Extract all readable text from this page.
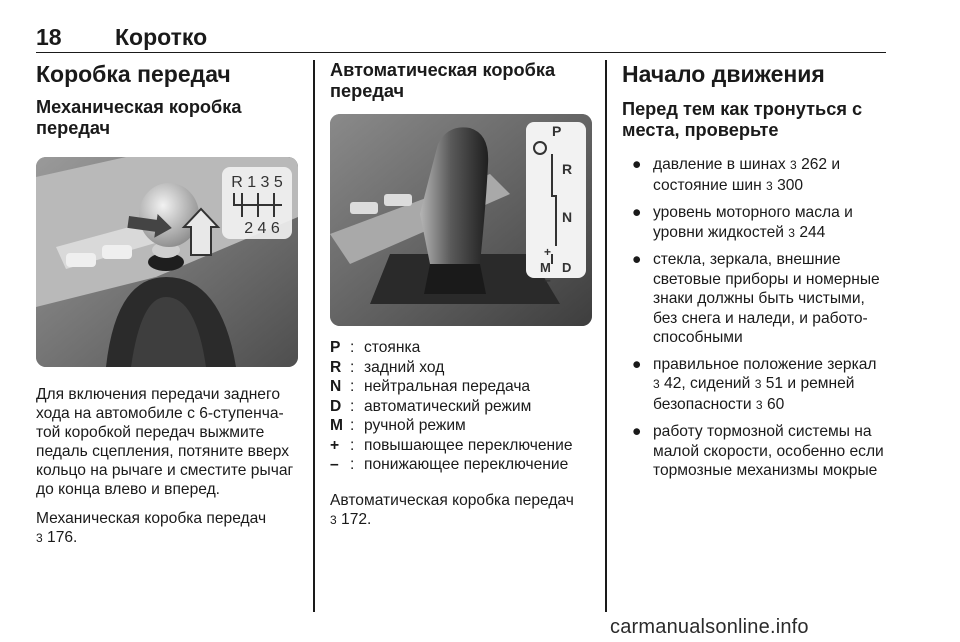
18 Коротко
Коробка передач
Механическая коробка передач
R 1 3 5
2 4 6

Для включения передачи заднего хода на автомобиле с 6-ступенча-той коробкой передач выжмите педаль сцепления, потяните вверх кольцо на рычаге и сместите рычаг до конца влево и вперед.

Механическая коробка передач
3 176.

Автоматическая коробка передач
P
R
N
+
M D
–
P : стоянка
R : задний ход
N : нейтральная передача
D : автоматический режим
M : ручной режим
+ : повышающее переключение
– : понижающее переключение

Автоматическая коробка передач
3 172.

Начало движения
Перед тем как тронуться с места, проверьте
● давление в шинах 3 262 и состояние шин 3 300
● уровень моторного масла и уровни жидкостей 3 244
● стекла, зеркала, внешние световые приборы и номерные знаки должны быть чистыми, без снега и наледи, и работо-способными
● правильное положение зеркал
3 42, сидений 3 51 и ремней безопасности 3 60
● работу тормозной системы на малой скорости, особенно если тормозные механизмы мокрые
carmanualsonline.info
